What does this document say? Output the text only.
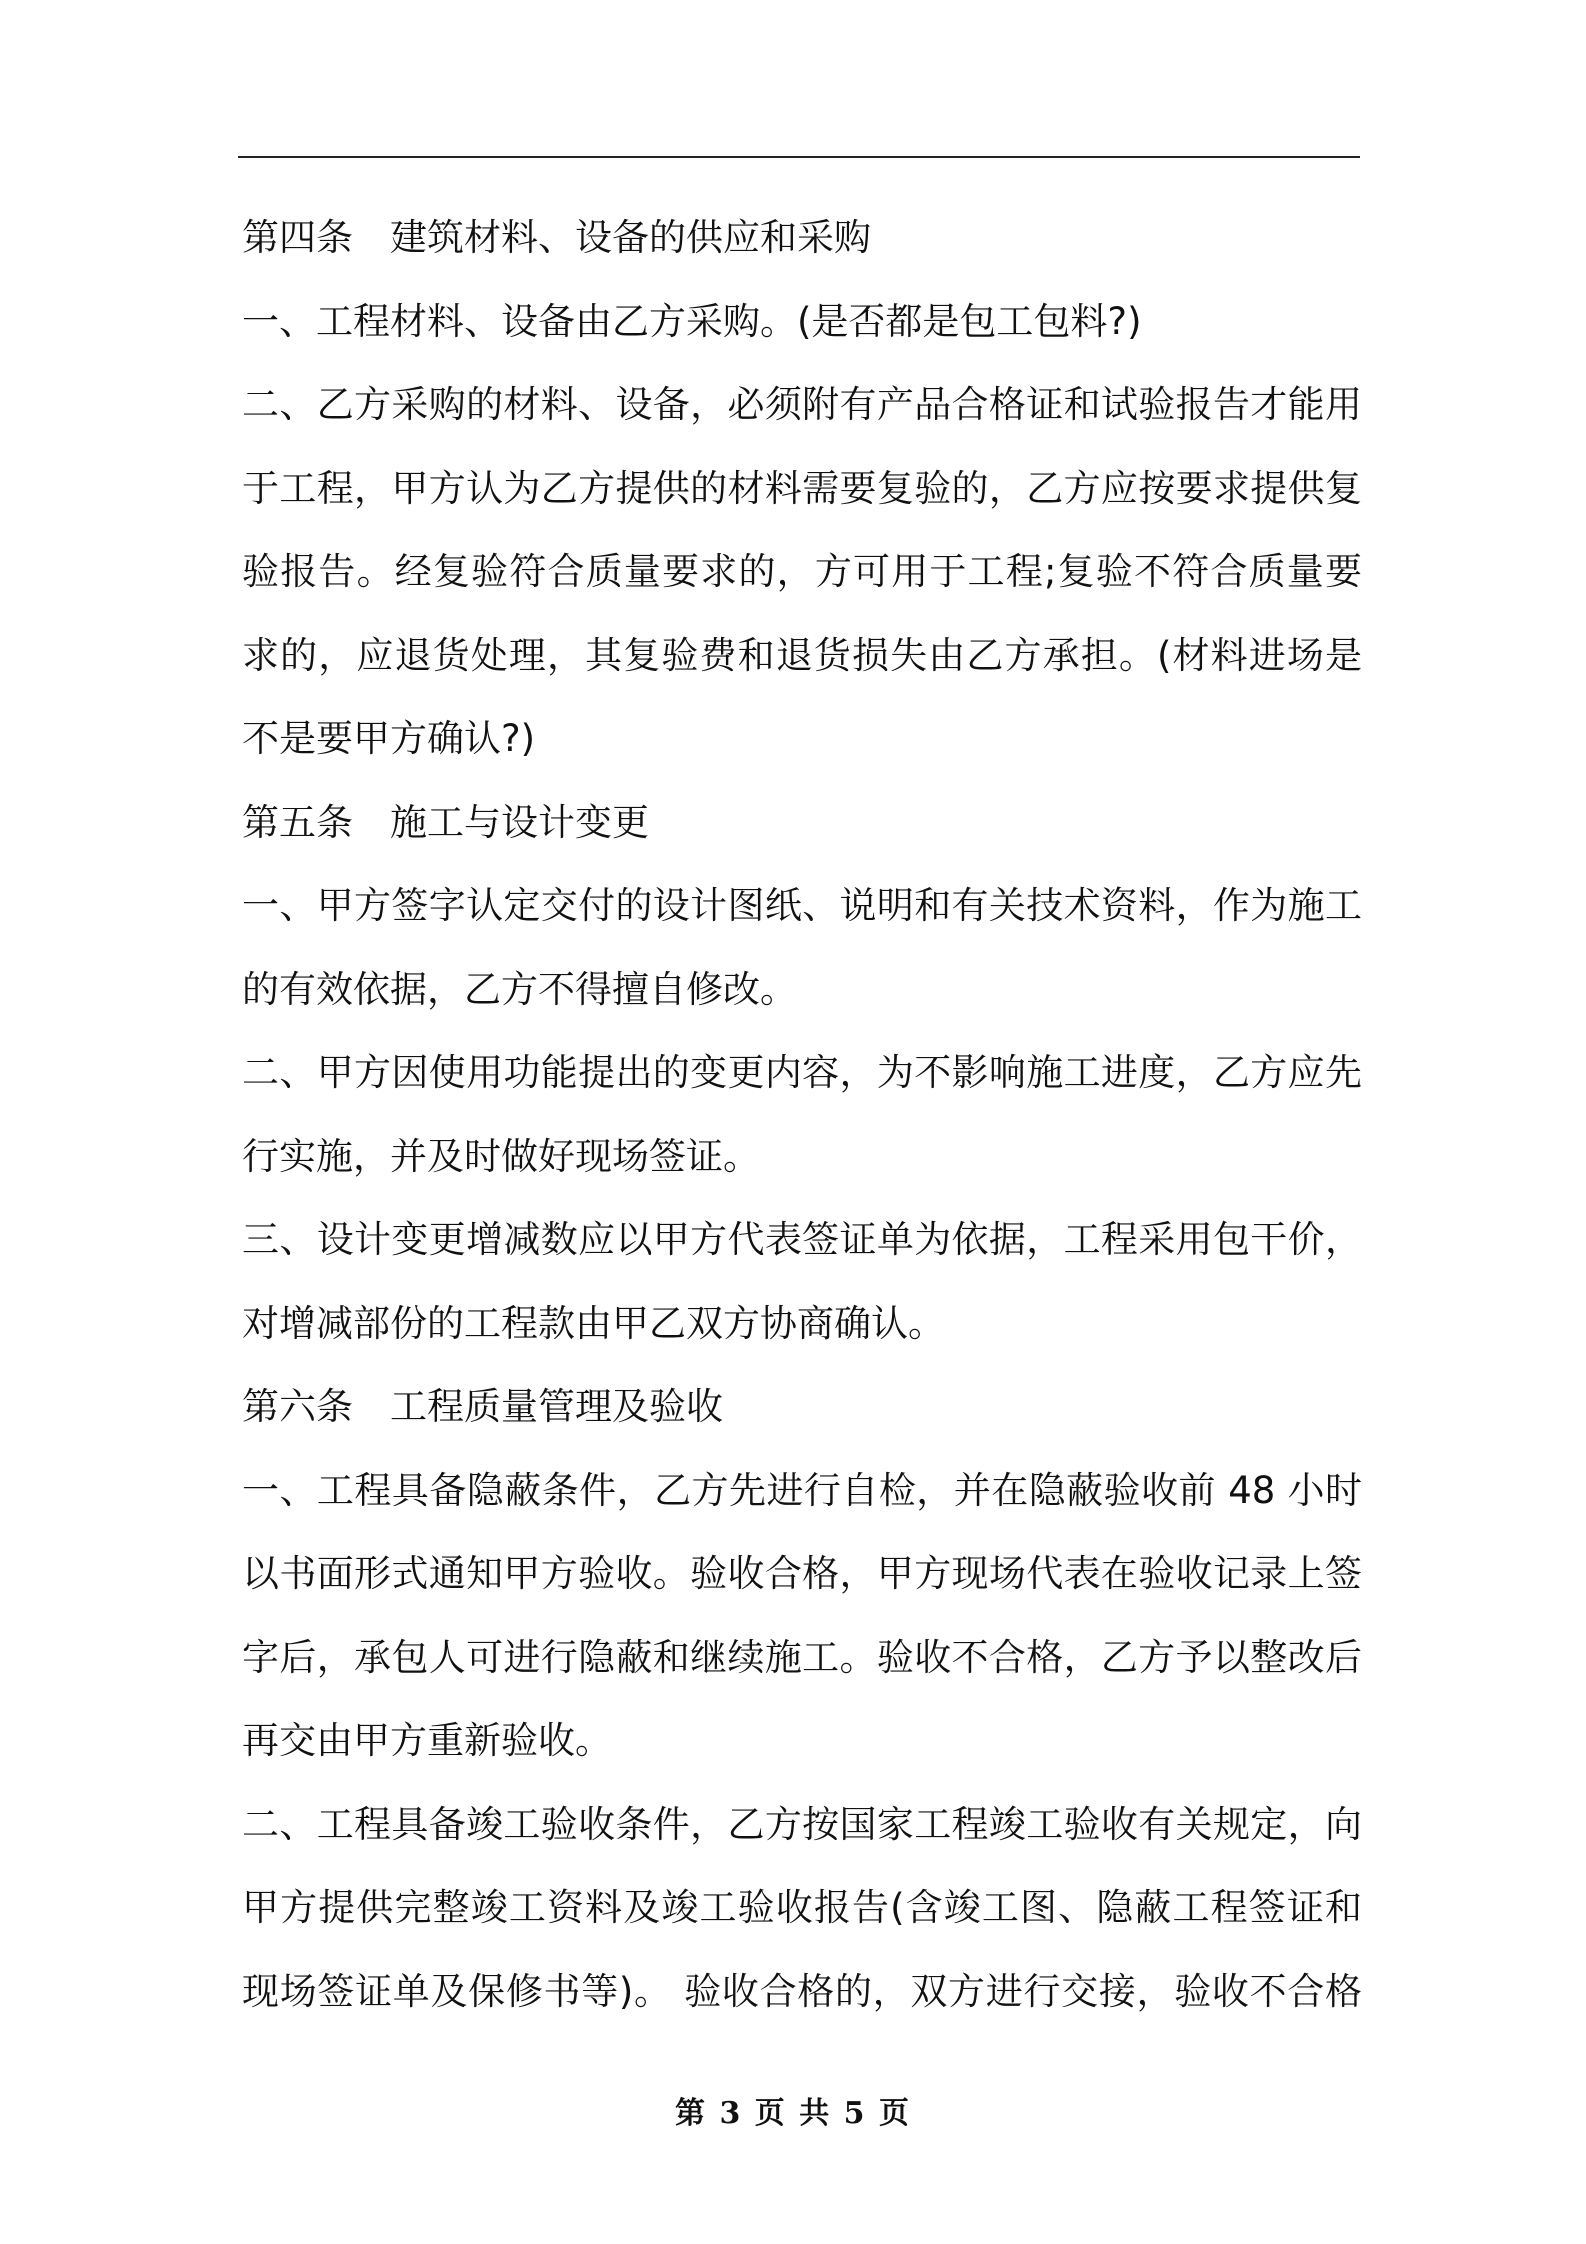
第四条　建筑材料、设备的供应和采购
一、工程材料、设备由乙方采购。(是否都是包工包料?)
二、乙方采购的材料、设备，必须附有产品合格证和试验报告才能用
于工程，甲方认为乙方提供的材料需要复验的，乙方应按要求提供复
验报告。经复验符合质量要求的，方可用于工程;复验不符合质量要
求的，应退货处理，其复验费和退货损失由乙方承担。(材料进场是
不是要甲方确认?)
第五条　施工与设计变更
一、甲方签字认定交付的设计图纸、说明和有关技术资料，作为施工
的有效依据，乙方不得擅自修改。
二、甲方因使用功能提出的变更内容，为不影响施工进度，乙方应先
行实施，并及时做好现场签证。
三、设计变更增减数应以甲方代表签证单为依据，工程采用包干价，
对增减部份的工程款由甲乙双方协商确认。
第六条　工程质量管理及验收
一、工程具备隐蔽条件，乙方先进行自检，并在隐蔽验收前 48 小时
以书面形式通知甲方验收。验收合格，甲方现场代表在验收记录上签
字后，承包人可进行隐蔽和继续施工。验收不合格，乙方予以整改后
再交由甲方重新验收。
二、工程具备竣工验收条件，乙方按国家工程竣工验收有关规定，向
甲方提供完整竣工资料及竣工验收报告(含竣工图、隐蔽工程签证和
现场签证单及保修书等)。 验收合格的，双方进行交接，验收不合格
第 3 页 共 5 页
